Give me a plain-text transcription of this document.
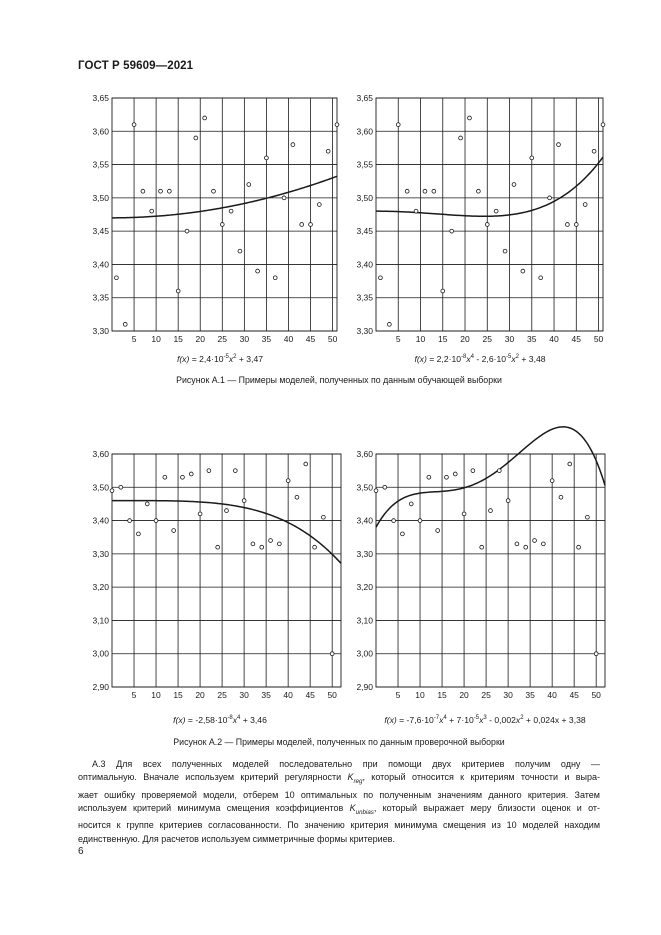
ГОСТ Р 59609—2021
3,30
3,35
3,40
3,45
3,50
3,55
3,60
3,65
5 10 15 20 25 30 35 40 45 50
$f(x) = 2,4\cdot 10^{-5}x^2 + 3,47$
3,30
3,35
3,40
3,45
3,50
3,55
3,60
3,65
5 10 15 20 25 30 35 40 45 50
$f(x) = 2,2\cdot 10^{-8}x^4 - 2,6\cdot 10^{-5}x^2 + 3,48$
Рисунок А.1 — Примеры моделей, полученных по данным обучающей выборки
2,90
3,00
3,10
3,20
3,30
3,40
3,50
3,60
5 10 15 20 25 30 35 40 45 50
$f(x) = -2,58\cdot 10^{-8}x^4 + 3,46$
2,90
3,00
3,10
3,20
3,30
3,40
3,50
3,60
5 10 15 20 25 30 35 40 45 50
$f(x) = -7,6\cdot 10^{-7}x^4 + 7\cdot 10^{-5}x^3 - 0,002x^2 + 0,024x + 3,38$
Рисунок А.2 — Примеры моделей, полученных по данным проверочной выборки
А.3 Для всех полученных моделей последовательно при помощи двух критериев получим одну —
оптимальную. Вначале используем критерий регулярности $K_{reg}$, который относится к критериям точности и выра-
жает ошибку проверяемой модели, отберем 10 оптимальных по полученным значениям данного критерия. Затем
используем критерий минимума смещения коэффициентов $K_{unbias}$, который выражает меру близости оценок и от-
носится к группе критериев согласованности. По значению критерия минимума смещения из 10 моделей находим
единственную. Для расчетов используем симметричные формы критериев.
6
